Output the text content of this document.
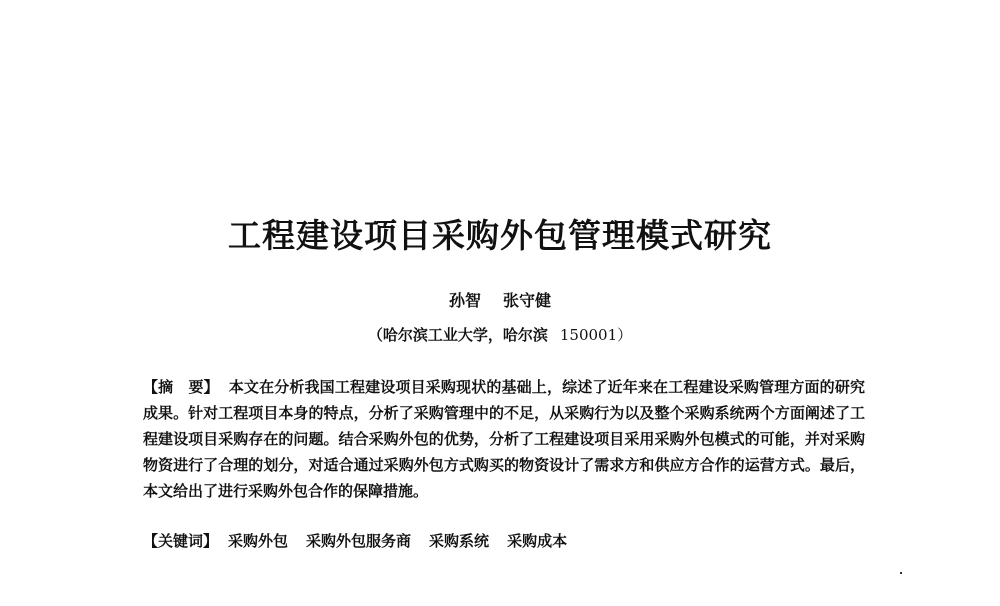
工程建设项目采购外包管理模式研究
孙智 张守健
（哈尔滨工业大学，哈尔滨 150001）
【摘　要】 本文在分析我国工程建设项目采购现状的基础上，综述了近年来在工程建设采购管理方面的研究成果。针对工程项目本身的特点，分析了采购管理中的不足，从采购行为以及整个采购系统两个方面阐述了工程建设项目采购存在的问题。结合采购外包的优势，分析了工程建设项目采用采购外包模式的可能，并对采购物资进行了合理的划分，对适合通过采购外包方式购买的物资设计了需求方和供应方合作的运营方式。最后，本文给出了进行采购外包合作的保障措施。
【关键词】 采购外包 采购外包服务商 采购系统 采购成本
